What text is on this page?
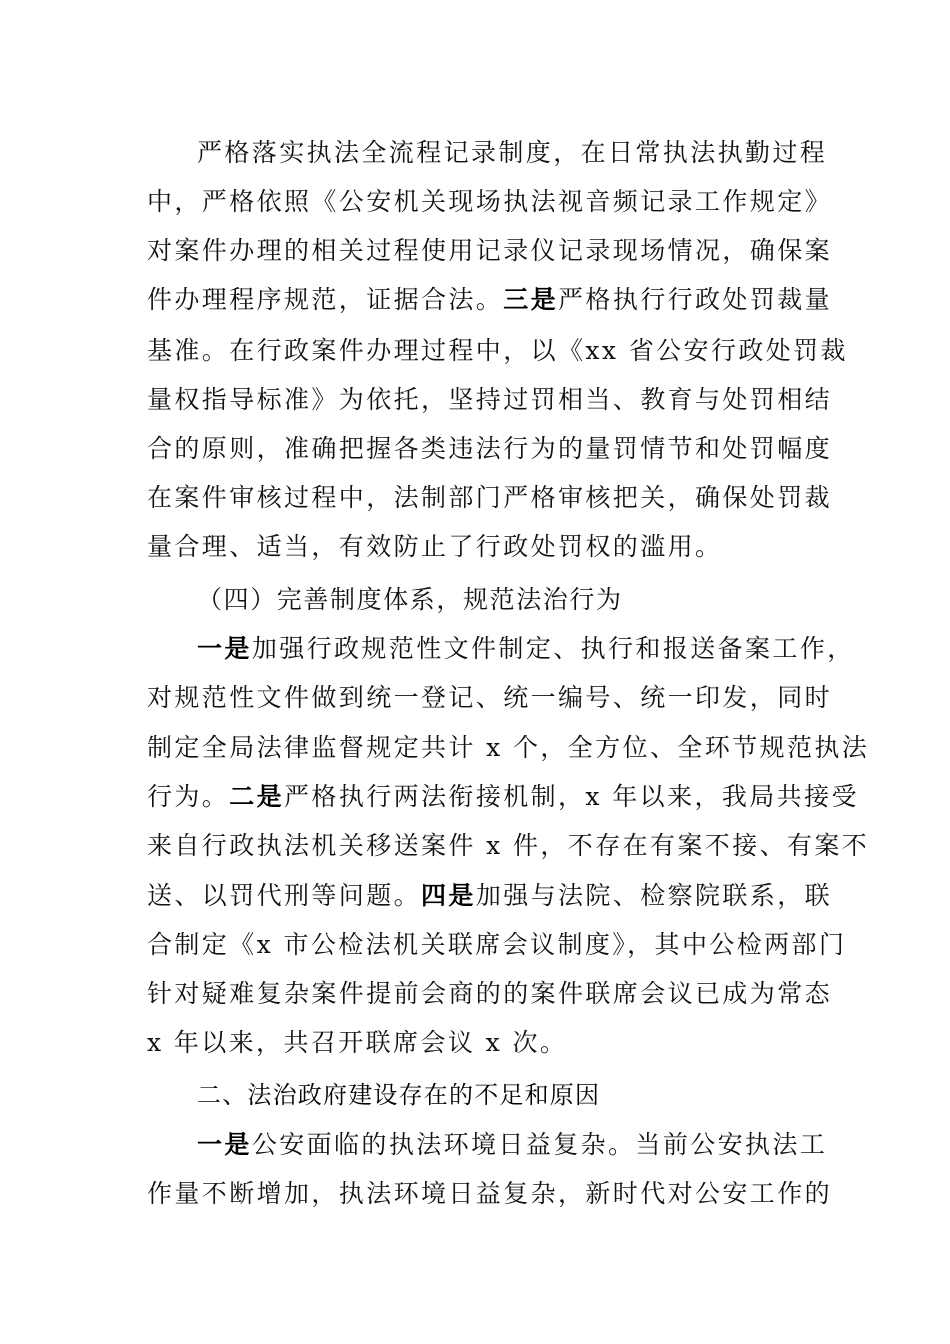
严格落实执法全流程记录制度，在日常执法执勤过程
中，严格依照《公安机关现场执法视音频记录工作规定》
对案件办理的相关过程使用记录仪记录现场情况，确保案
件办理程序规范，证据合法。三是严格执行行政处罚裁量
基准。在行政案件办理过程中，以《xx 省公安行政处罚裁
量权指导标准》为依托，坚持过罚相当、教育与处罚相结
合的原则，准确把握各类违法行为的量罚情节和处罚幅度
在案件审核过程中，法制部门严格审核把关，确保处罚裁
量合理、适当，有效防止了行政处罚权的滥用。
（四）完善制度体系，规范法治行为
一是加强行政规范性文件制定、执行和报送备案工作，
对规范性文件做到统一登记、统一编号、统一印发，同时
制定全局法律监督规定共计 x 个，全方位、全环节规范执法
行为。二是严格执行两法衔接机制，x 年以来，我局共接受
来自行政执法机关移送案件 x 件，不存在有案不接、有案不
送、以罚代刑等问题。四是加强与法院、检察院联系，联
合制定《x 市公检法机关联席会议制度》，其中公检两部门
针对疑难复杂案件提前会商的的案件联席会议已成为常态
x 年以来，共召开联席会议 x 次。
二、法治政府建设存在的不足和原因
一是公安面临的执法环境日益复杂。当前公安执法工
作量不断增加，执法环境日益复杂，新时代对公安工作的
